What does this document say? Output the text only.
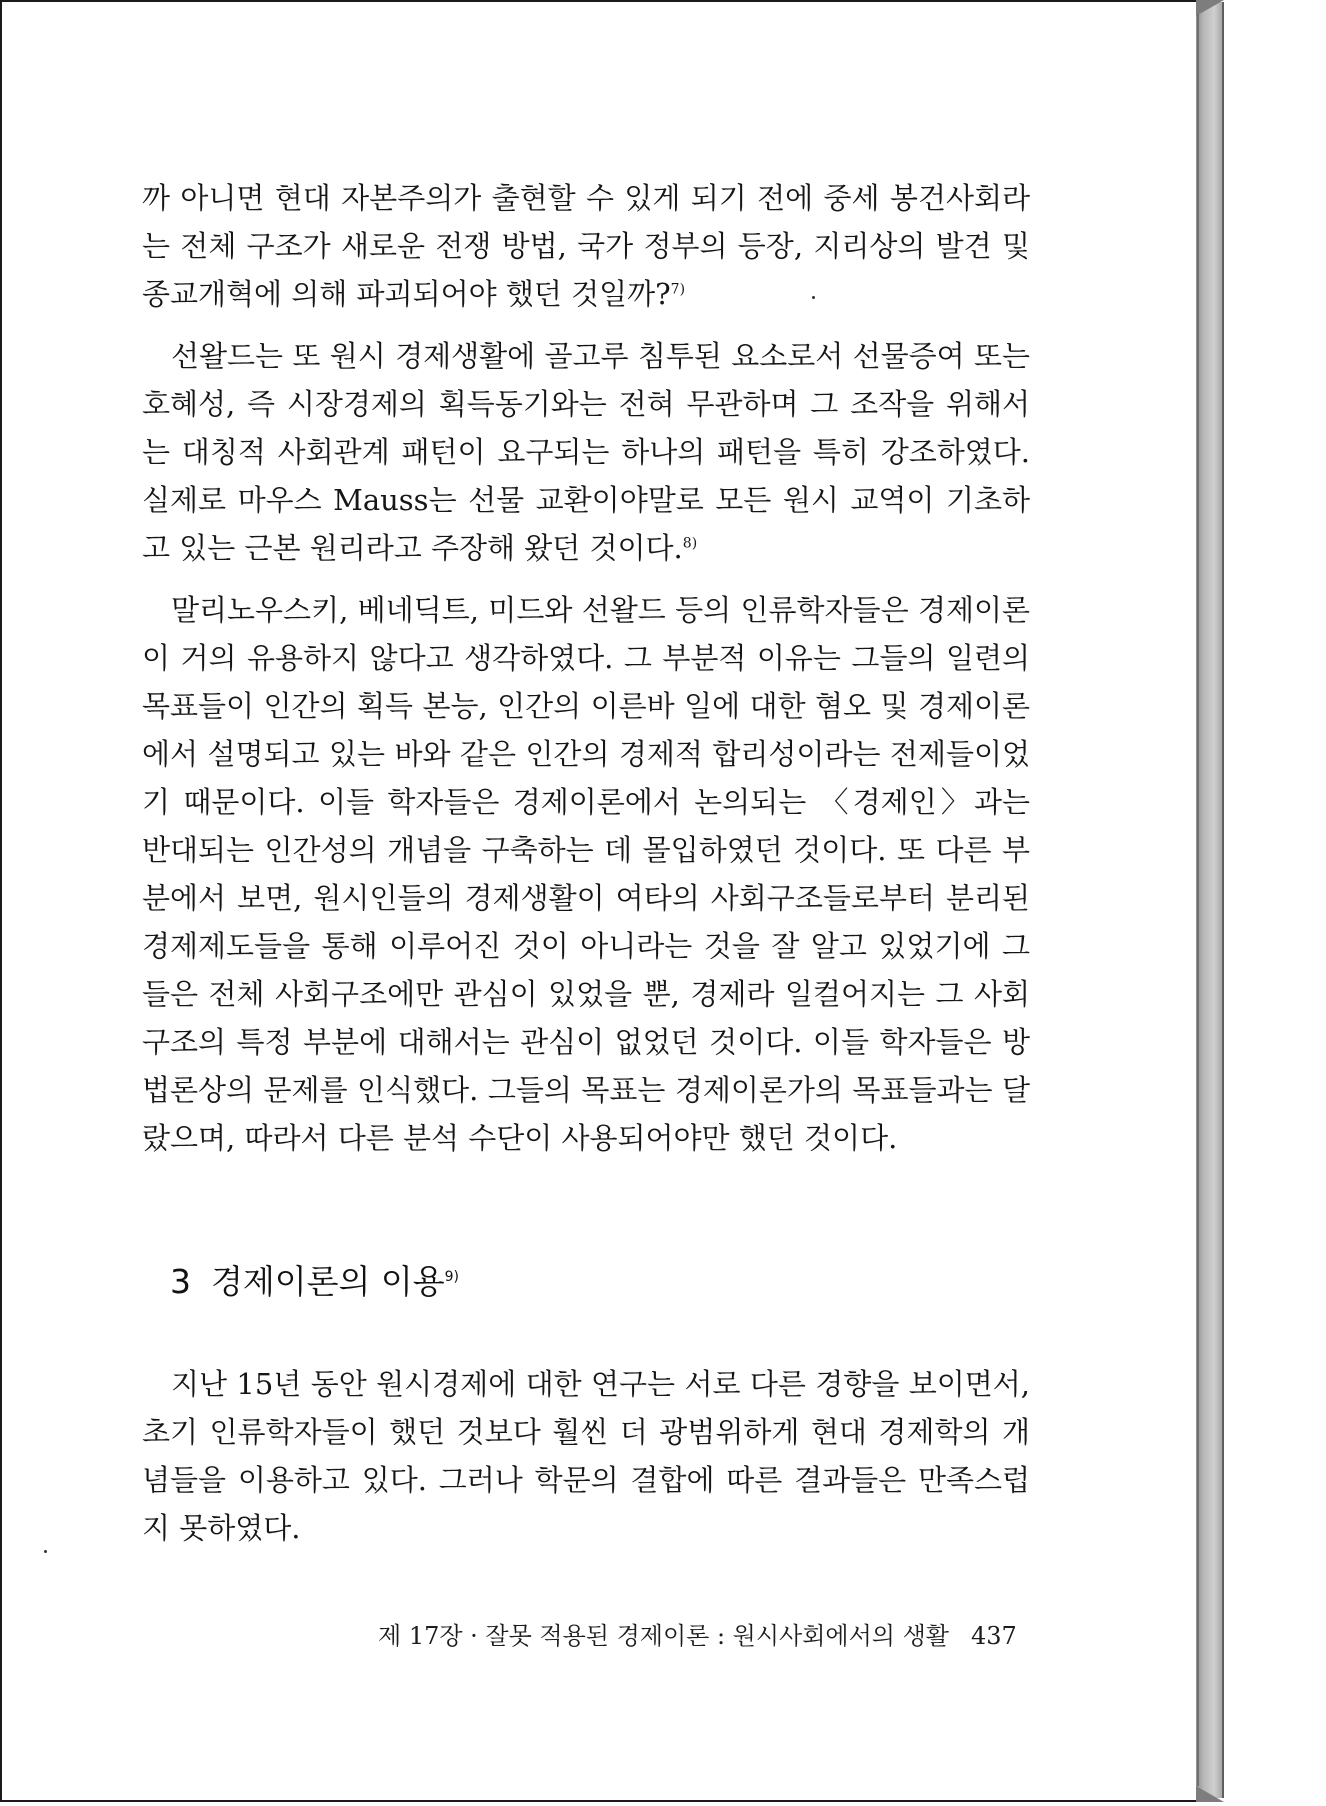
까 아니면 현대 자본주의가 출현할 수 있게 되기 전에 중세 봉건사회라는 전체 구조가 새로운 전쟁 방법, 국가 정부의 등장, 지리상의 발견 및 종교개혁에 의해 파괴되어야 했던 것일까?$^{7)}$

선왈드는 또 원시 경제생활에 골고루 침투된 요소로서 선물증여 또는 호혜성, 즉 시장경제의 획득동기와는 전혀 무관하며 그 조작을 위해서는 대칭적 사회관계 패턴이 요구되는 하나의 패턴을 특히 강조하였다. 실제로 마우스 Mauss는 선물 교환이야말로 모든 원시 교역이 기초하고 있는 근본 원리라고 주장해 왔던 것이다.$^{8)}$

말리노우스키, 베네딕트, 미드와 선왈드 등의 인류학자들은 경제이론이 거의 유용하지 않다고 생각하였다. 그 부분적 이유는 그들의 일련의 목표들이 인간의 획득 본능, 인간의 이른바 일에 대한 혐오 및 경제이론에서 설명되고 있는 바와 같은 인간의 경제적 합리성이라는 전제들이었기 때문이다. 이들 학자들은 경제이론에서 논의되는 〈경제인〉과는 반대되는 인간성의 개념을 구축하는 데 몰입하였던 것이다. 또 다른 부분에서 보면, 원시인들의 경제생활이 여타의 사회구조들로부터 분리된 경제제도들을 통해 이루어진 것이 아니라는 것을 잘 알고 있었기에 그들은 전체 사회구조에만 관심이 있었을 뿐, 경제라 일컬어지는 그 사회구조의 특정 부분에 대해서는 관심이 없었던 것이다. 이들 학자들은 방법론상의 문제를 인식했다. 그들의 목표는 경제이론가의 목표들과는 달랐으며, 따라서 다른 분석 수단이 사용되어야만 했던 것이다.

3 경제이론의 이용$^{9)}$

지난 15년 동안 원시경제에 대한 연구는 서로 다른 경향을 보이면서, 초기 인류학자들이 했던 것보다 훨씬 더 광범위하게 현대 경제학의 개념들을 이용하고 있다. 그러나 학문의 결합에 따른 결과들은 만족스럽지 못하였다.

제 17장 · 잘못 적용된 경제이론 : 원시사회에서의 생활 437
